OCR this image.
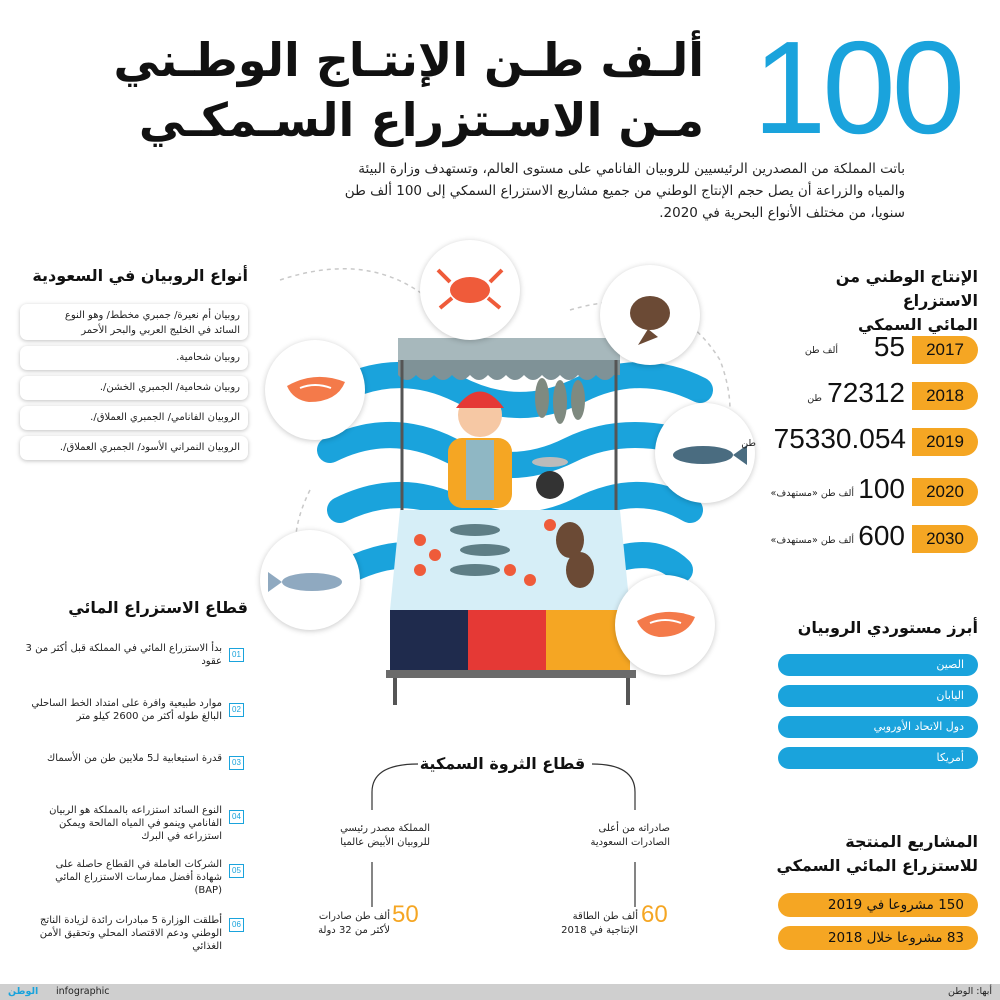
100
ألـف طـن الإنتـاج الوطـني
مـن الاسـتزراع السـمكـي
باتت المملكة من المصدرين الرئيسيين للروبيان الفانامي على مستوى العالم، وتستهدف وزارة البيئة
والمياه والزراعة أن يصل حجم الإنتاج الوطني من جميع مشاريع الاستزراع السمكي إلى 100 ألف طن
سنويا، من مختلف الأنواع البحرية في 2020.
الإنتاج الوطني من الاستزراع
المائي السمكي
2017
55
ألف طن
2018
72312
طن
2019
75330.054
طن
2020
100
ألف طن «مستهدف»
2030
600
ألف طن «مستهدف»
أبرز مستوردي الروبيان
الصين
اليابان
دول الاتحاد الأوروبي
أمريكا
المشاريع المنتجة
للاستزراع المائي السمكي
150 مشروعا في 2019
83 مشروعا خلال 2018
أنواع الروبيان في السعودية
روبيان أم نعيرة/ جمبري مخطط/ وهو النوع
السائد في الخليج العربي والبحر الأحمر
روبيان شحامية.
روبيان شحامية/ الجمبري الخشن/.
الروبيان الفانامي/ الجمبري العملاق/.
الروبيان النمراني الأسود/ الجمبري العملاق/.
قطاع الاستزراع المائي
01
بدأ الاستزراع المائي في المملكة قبل أكثر من 3
عقود
02
موارد طبيعية وافرة على امتداد الخط الساحلي
البالغ طوله أكثر من 2600 كيلو متر
03
قدرة استيعابية لـ5 ملايين طن من الأسماك
04
النوع السائد استزراعه بالمملكة هو الربيان
الفانامي وينمو في المياه المالحة ويمكن
استزراعه في البرك
05
الشركات العاملة في القطاع حاصلة على
شهادة أفضل ممارسات الاستزراع المائي
(BAP)
06
أطلقت الوزارة 5 مبادرات رائدة لزيادة الناتج
الوطني ودعم الاقتصاد المحلي وتحقيق الأمن
الغذائي
قطاع الثروة السمكية
المملكة مصدر رئيسي
للروبيان الأبيض عالميا
صادراته من أعلى
الصادرات السعودية
50
ألف طن صادرات
لأكثر من 32 دولة
60
ألف طن الطاقة
الإنتاجية في 2018
الوطن infographic	أبها: الوطن
